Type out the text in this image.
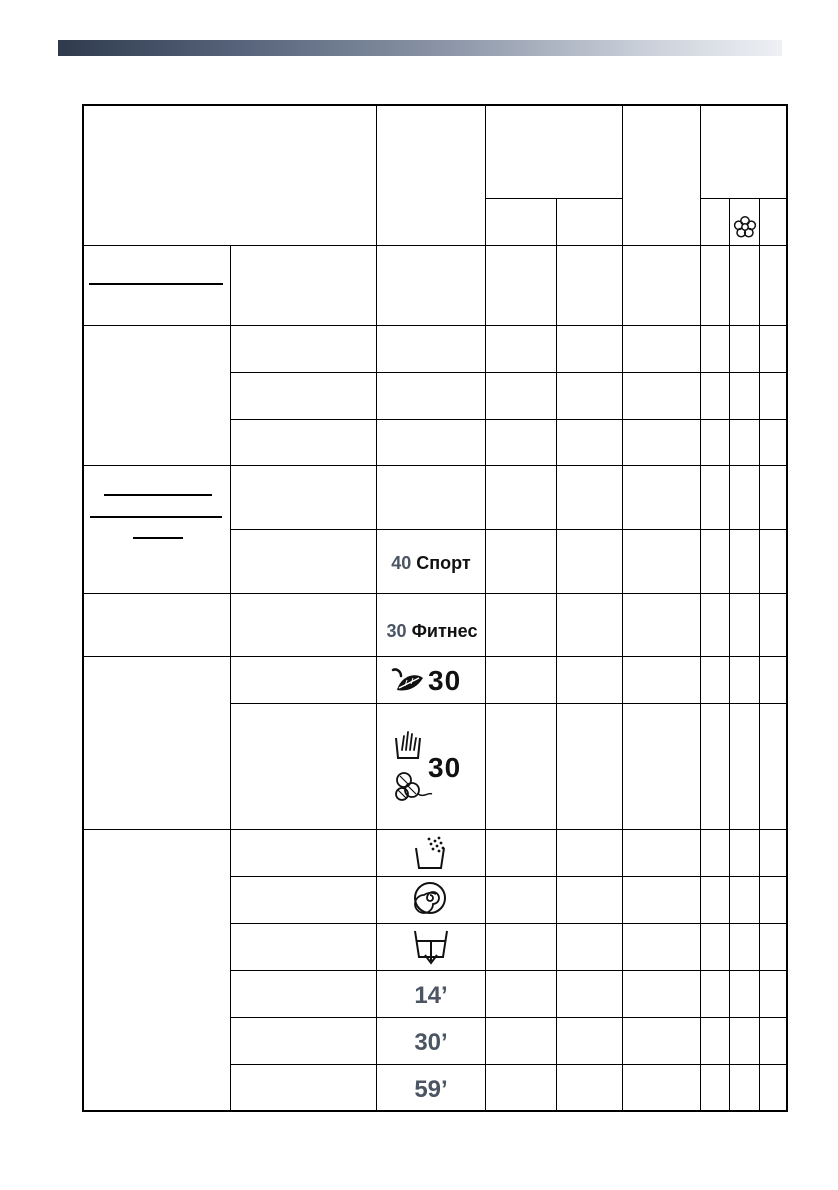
40 Спорт
30 Фитнес
30
30
14’
30’
59’
